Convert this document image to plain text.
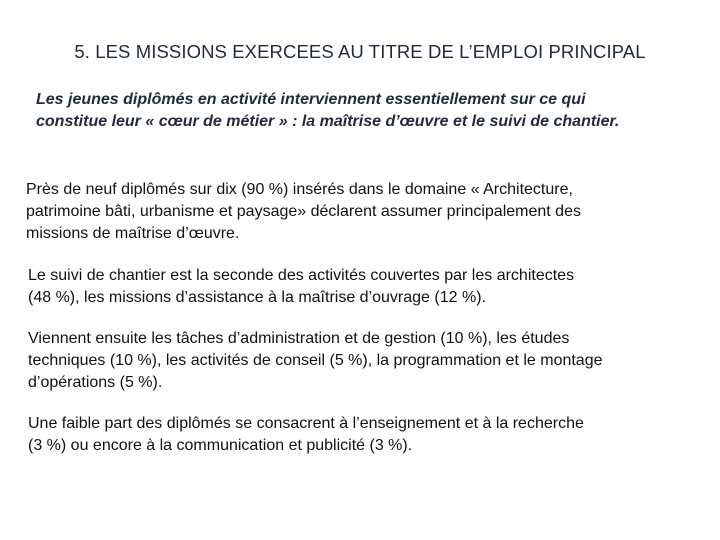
5. LES MISSIONS EXERCEES AU TITRE DE L’EMPLOI PRINCIPAL
Les jeunes diplômés en activité interviennent essentiellement sur ce qui
constitue leur « cœur de métier » : la maîtrise d’œuvre et le suivi de chantier.
Près de neuf diplômés sur dix (90 %) insérés dans le domaine « Architecture,
patrimoine bâti, urbanisme et paysage» déclarent assumer principalement des
missions de maîtrise d’œuvre.
Le suivi de chantier est la seconde des activités couvertes par les architectes
(48 %), les missions d’assistance à la maîtrise d’ouvrage (12 %).
Viennent ensuite les tâches d’administration et de gestion (10 %), les études
techniques (10 %), les activités de conseil (5 %), la programmation et le montage
d’opérations (5 %).
Une faible part des diplômés se consacrent à l’enseignement et à la recherche
(3 %) ou encore à la communication et publicité (3 %).
